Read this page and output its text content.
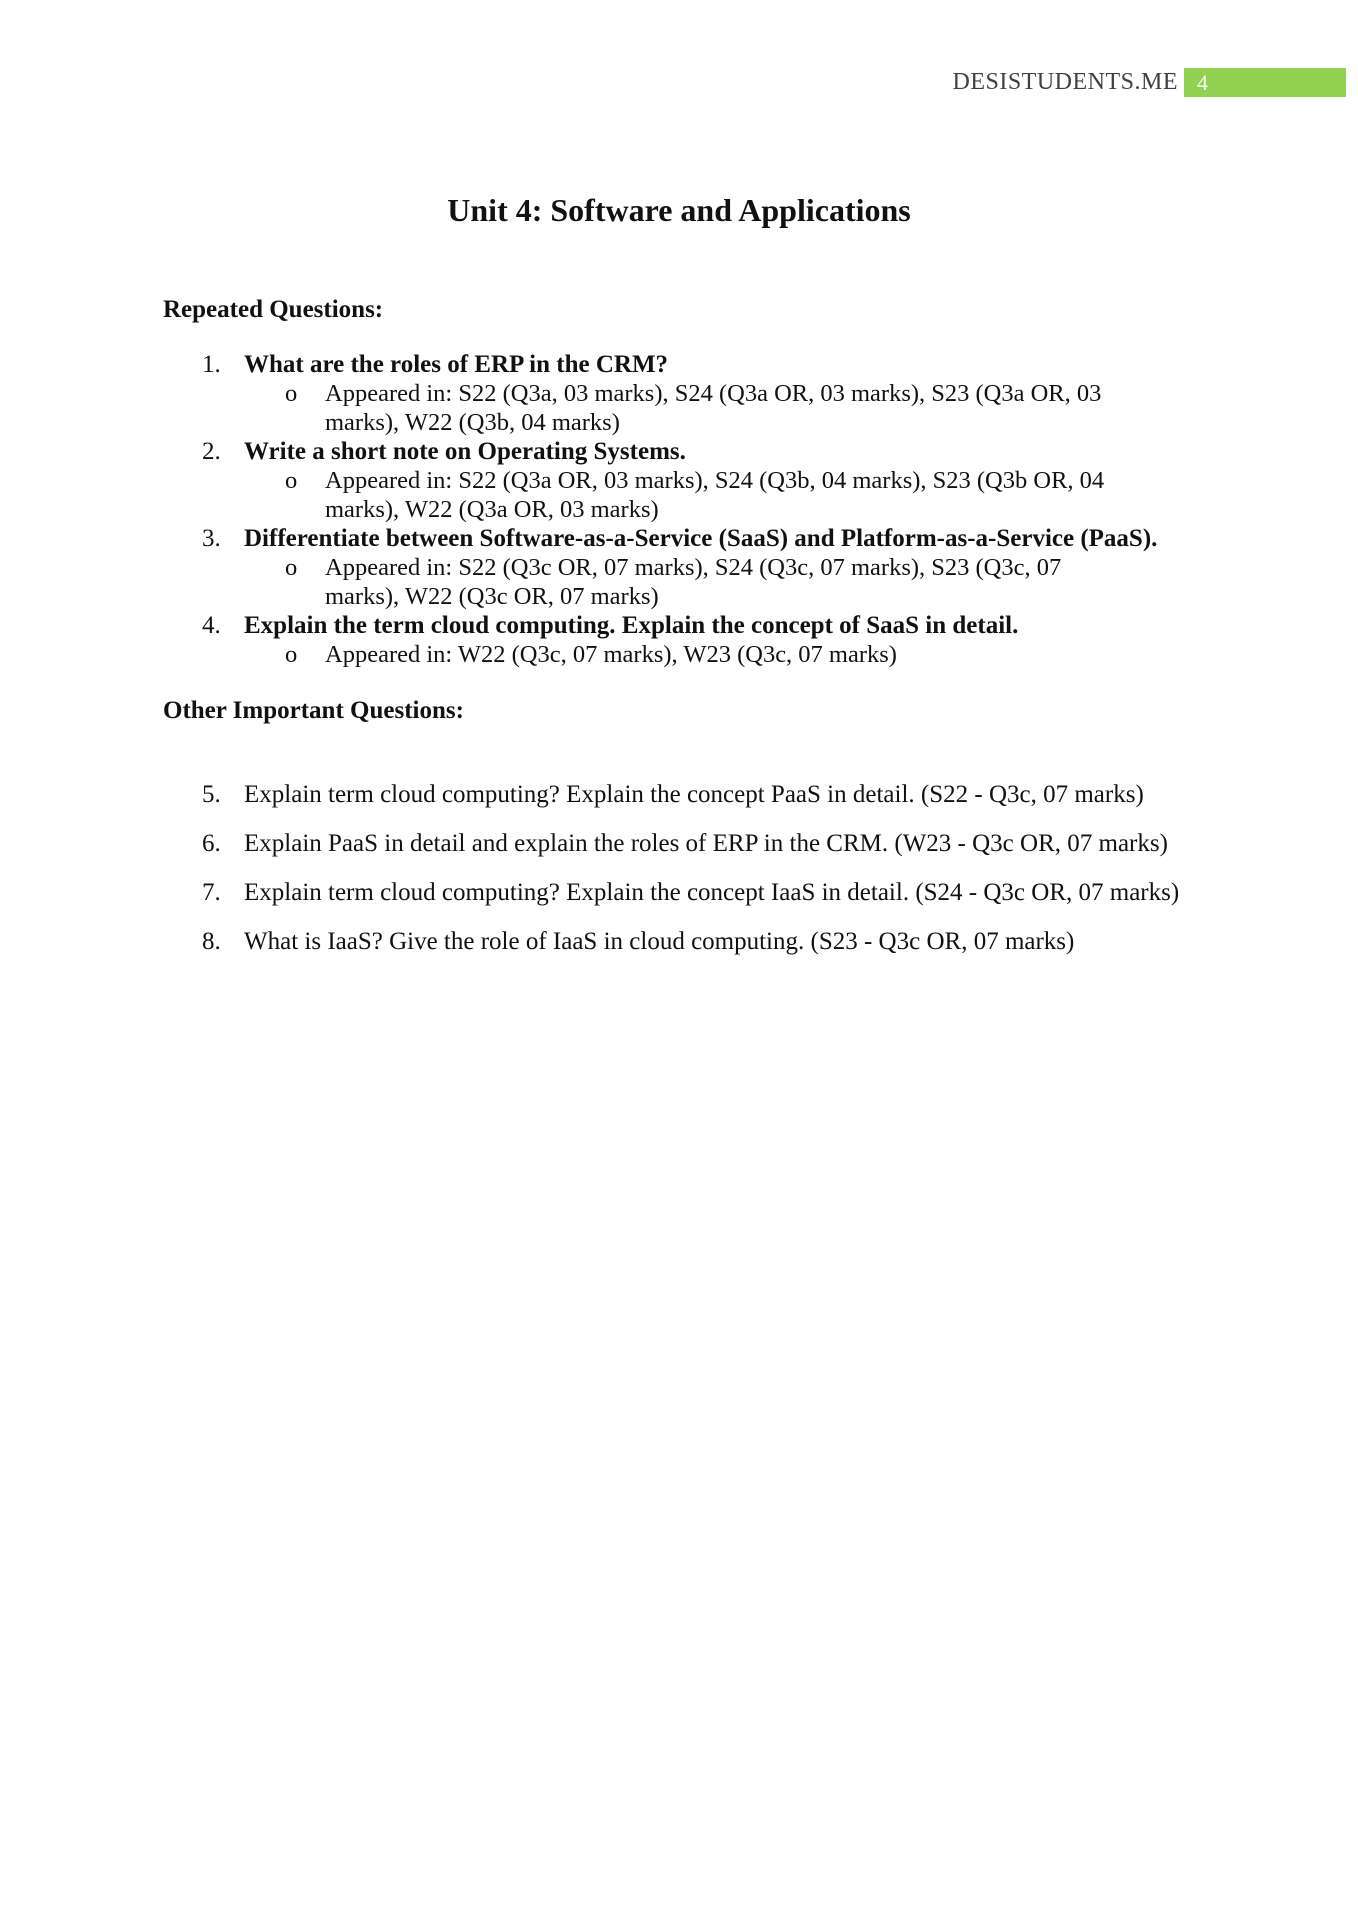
DESISTUDENTS.ME 4
Unit 4: Software and Applications
Repeated Questions:
1. What are the roles of ERP in the CRM?
o Appeared in: S22 (Q3a, 03 marks), S24 (Q3a OR, 03 marks), S23 (Q3a OR, 03 marks), W22 (Q3b, 04 marks)
2. Write a short note on Operating Systems.
o Appeared in: S22 (Q3a OR, 03 marks), S24 (Q3b, 04 marks), S23 (Q3b OR, 04 marks), W22 (Q3a OR, 03 marks)
3. Differentiate between Software-as-a-Service (SaaS) and Platform-as-a-Service (PaaS).
o Appeared in: S22 (Q3c OR, 07 marks), S24 (Q3c, 07 marks), S23 (Q3c, 07 marks), W22 (Q3c OR, 07 marks)
4. Explain the term cloud computing. Explain the concept of SaaS in detail.
o Appeared in: W22 (Q3c, 07 marks), W23 (Q3c, 07 marks)
Other Important Questions:
5. Explain term cloud computing? Explain the concept PaaS in detail. (S22 - Q3c, 07 marks)
6. Explain PaaS in detail and explain the roles of ERP in the CRM. (W23 - Q3c OR, 07 marks)
7. Explain term cloud computing? Explain the concept IaaS in detail. (S24 - Q3c OR, 07 marks)
8. What is IaaS? Give the role of IaaS in cloud computing. (S23 - Q3c OR, 07 marks)
